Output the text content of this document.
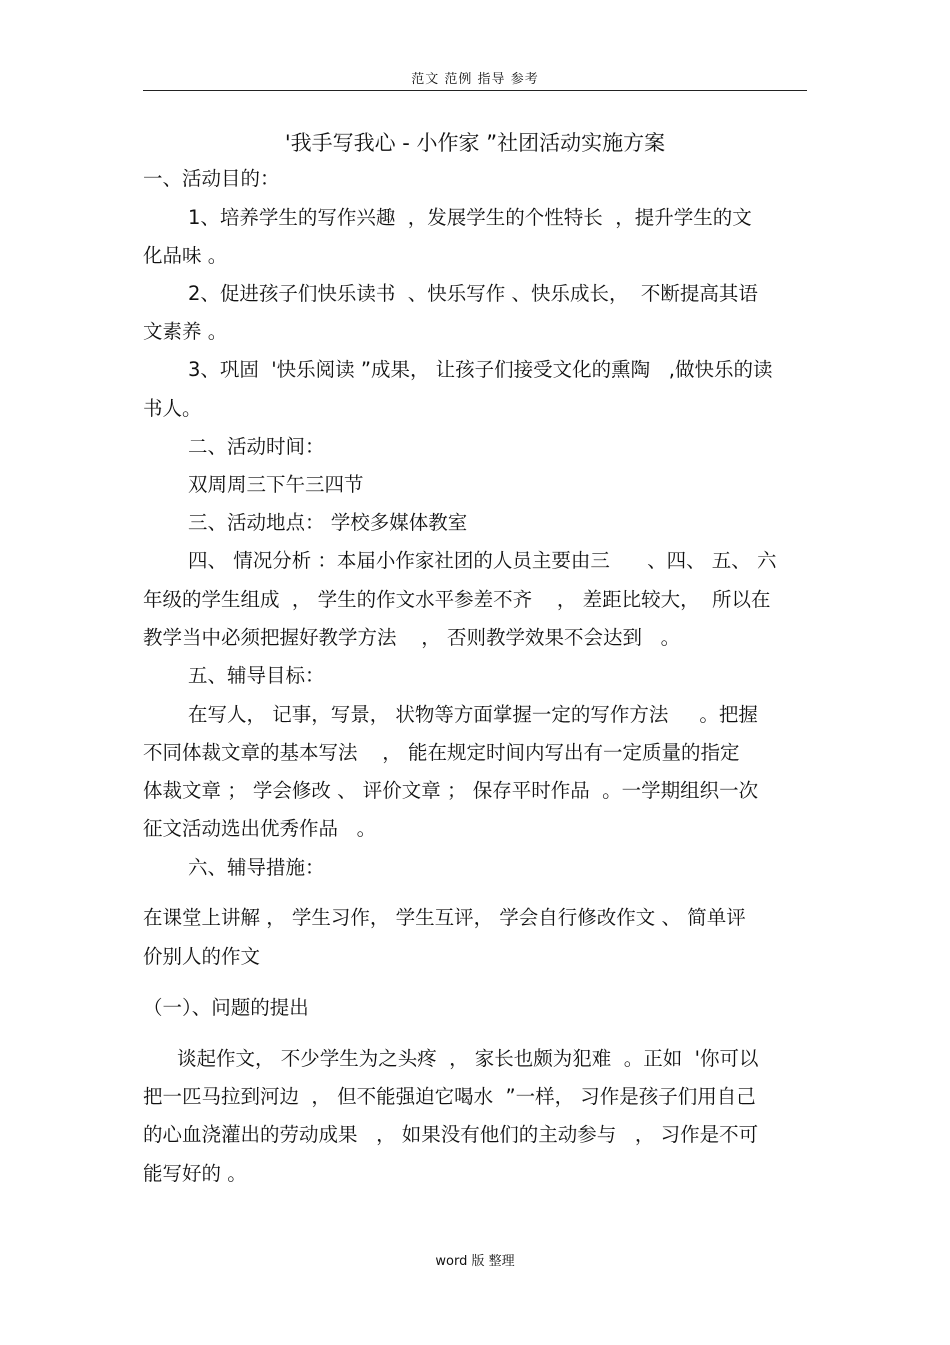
范文 范例 指导 参考
'我手写我心 - 小作家 ”社团活动实施方案
一、活动目的：
1、培养学生的写作兴趣  ，发展学生的个性特长  ，提升学生的文
化品味 。
2、促进孩子们快乐读书  、快乐写作 、快乐成长，  不断提高其语
文素养 。
3、巩固  '快乐阅读 ”成果， 让孩子们接受文化的熏陶   ,做快乐的读
书人。
二、活动时间：
双周周三下午三四节
三、活动地点： 学校多媒体教室
四、 情况分析 ：本届小作家社团的人员主要由三      、四、 五、 六
年级的学生组成  ， 学生的作文水平参差不齐    ， 差距比较大，  所以在
教学当中必须把握好教学方法    ， 否则教学效果不会达到   。
五、辅导目标：
在写人， 记事，写景， 状物等方面掌握一定的写作方法     。把握
不同体裁文章的基本写法    ， 能在规定时间内写出有一定质量的指定
体裁文章 ； 学会修改 、 评价文章 ； 保存平时作品  。一学期组织一次
征文活动选出优秀作品   。
六、辅导措施：
在课堂上讲解 ， 学生习作， 学生互评， 学会自行修改作文 、 简单评
价别人的作文
（一）、问题的提出
谈起作文， 不少学生为之头疼  ， 家长也颇为犯难  。正如  '你可以
把一匹马拉到河边  ， 但不能强迫它喝水  ”一样， 习作是孩子们用自己
的心血浇灌出的劳动成果   ， 如果没有他们的主动参与   ， 习作是不可
能写好的 。
word 版 整理
